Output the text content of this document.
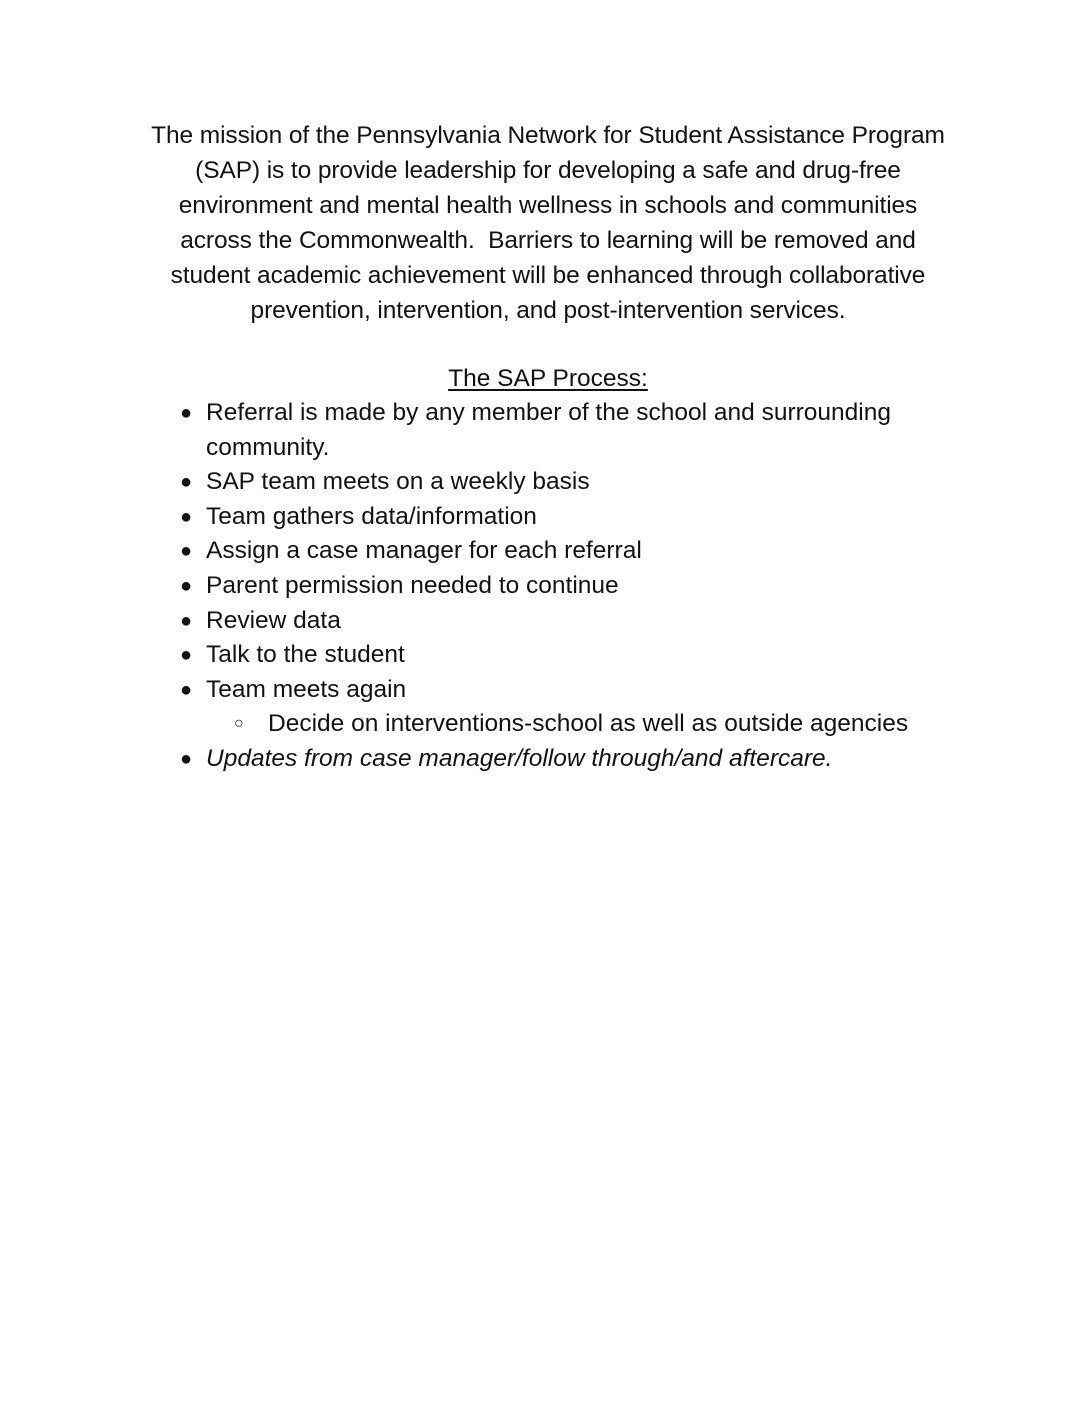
The mission of the Pennsylvania Network for Student Assistance Program
(SAP) is to provide leadership for developing a safe and drug-free
environment and mental health wellness in schools and communities
across the Commonwealth.  Barriers to learning will be removed and
student academic achievement will be enhanced through collaborative
prevention, intervention, and post-intervention services.
The SAP Process:
● Referral is made by any member of the school and surrounding community.
● SAP team meets on a weekly basis
● Team gathers data/information
● Assign a case manager for each referral
● Parent permission needed to continue
● Review data
● Talk to the student
● Team meets again
○ Decide on interventions-school as well as outside agencies
● Updates from case manager/follow through/and aftercare.
